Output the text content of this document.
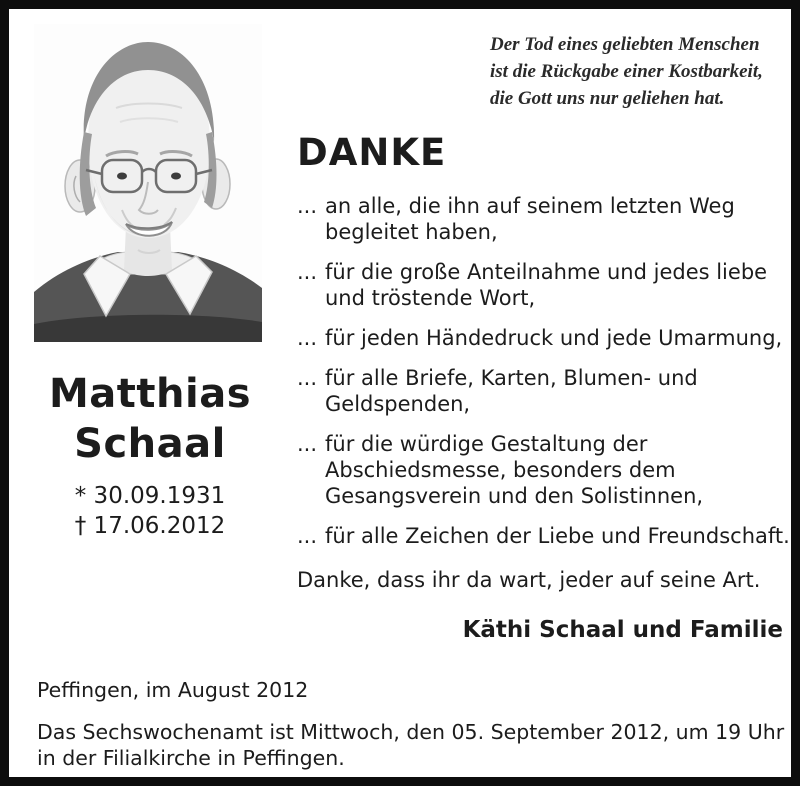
Der Tod eines geliebten Menschen
ist die Rückgabe einer Kostbarkeit,
die Gott uns nur geliehen hat.
Matthias
Schaal
* 30.09.1931
† 17.06.2012
DANKE
... an alle, die ihn auf seinem letzten Weg
begleitet haben,
... für die große Anteilnahme und jedes liebe
und tröstende Wort,
... für jeden Händedruck und jede Umarmung,
... für alle Briefe, Karten, Blumen- und
Geldspenden,
... für die würdige Gestaltung der
Abschiedsmesse, besonders dem
Gesangsverein und den Solistinnen,
... für alle Zeichen der Liebe und Freundschaft.
Danke, dass ihr da wart, jeder auf seine Art.
Käthi Schaal und Familie
Peffingen, im August 2012
Das Sechswochenamt ist Mittwoch, den 05. September 2012, um 19 Uhr
in der Filialkirche in Peffingen.
